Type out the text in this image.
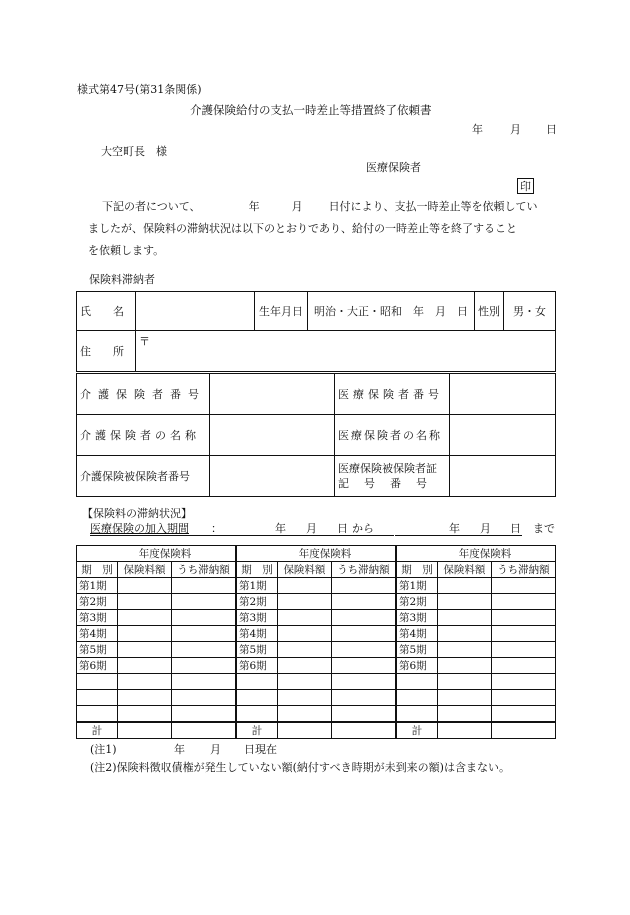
様式第47号(第31条関係)
介護保険給付の支払一時差止等措置終了依頼書
年 月 日
大空町長　様
医療保険者
印
下記の者について、	年	月 日付により、支払一時差止等を依頼してい
ましたが、保険料の滞納状況は以下のとおりであり、給付の一時差止等を終了すること
を依頼します。
保険料滞納者
氏　　名		生年月日	明治・大正・昭和　年　月　日	性別	男・女
住　　所	〒				
介護保険者番号		医療保険者番号	
介護保険者の名称		医療保険者の名称	
介護保険被保険者番号		医療保険被保険者証
記　号　番　号	

【保険料の滞納状況】
医療保険の加入期間 ：	年 月 日 から	年 月 日 まで
年度保険料			年度保険料			年度保険料		
期　別	保険料額	うち滞納額	期　別	保険料額	うち滞納額	期　別	保険料額	うち滞納額
第1期			第1期			第1期		
第2期			第2期			第2期		
第3期			第3期			第3期		
第4期			第4期			第4期		
第5期			第5期			第5期		
第6期			第6期			第6期		

計			計			計		
(注1)	年 月 日現在
(注2)保険料徴収債権が発生していない額(納付すべき時期が未到来の額)は含まない。
